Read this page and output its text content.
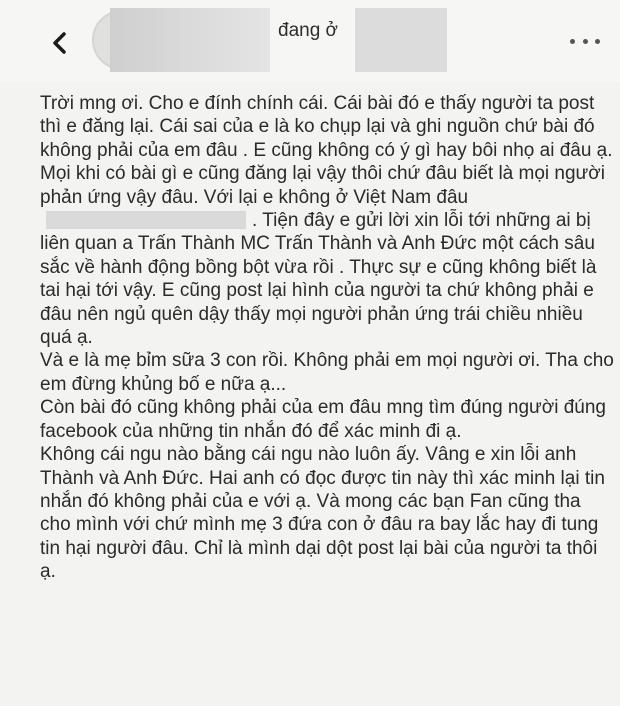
đang ở

Trời mng ơi. Cho e đính chính cái. Cái bài đó e thấy người ta post thì e đăng lại. Cái sai của e là ko chụp lại và ghi nguồn chứ bài đó không phải của em đâu . E cũng không có ý gì hay bôi nhọ ai đâu ạ. Mọi khi có bài gì e cũng đăng lại vậy thôi chứ đâu biết là mọi người phản ứng vậy đâu. Với lại e không ở Việt Nam đâu. Tiện đây e gửi lời xin lỗi tới những ai bị liên quan a Trấn Thành MC Trấn Thành và Anh Đức một cách sâu sắc về hành động bồng bột vừa rồi . Thực sự e cũng không biết là tai hại tới vậy. E cũng post lại hình của người ta chứ không phải e đâu nên ngủ quên dậy thấy mọi người phản ứng trái chiều nhiều quá ạ.

Và e là mẹ bỉm sữa 3 con rồi. Không phải em mọi người ơi. Tha cho em đừng khủng bố e nữa ạ...

Còn bài đó cũng không phải của em đâu mng tìm đúng người đúng facebook của những tin nhắn đó để xác minh đi ạ.

Không cái ngu nào bằng cái ngu nào luôn ấy. Vâng e xin lỗi anh Thành và Anh Đức. Hai anh có đọc được tin này thì xác minh lại tin nhắn đó không phải của e với ạ. Và mong các bạn Fan cũng tha cho mình với chứ mình mẹ 3 đứa con ở đâu ra bay lắc hay đi tung tin hại người đâu. Chỉ là mình dại dột post lại bài của người ta thôi ạ.
